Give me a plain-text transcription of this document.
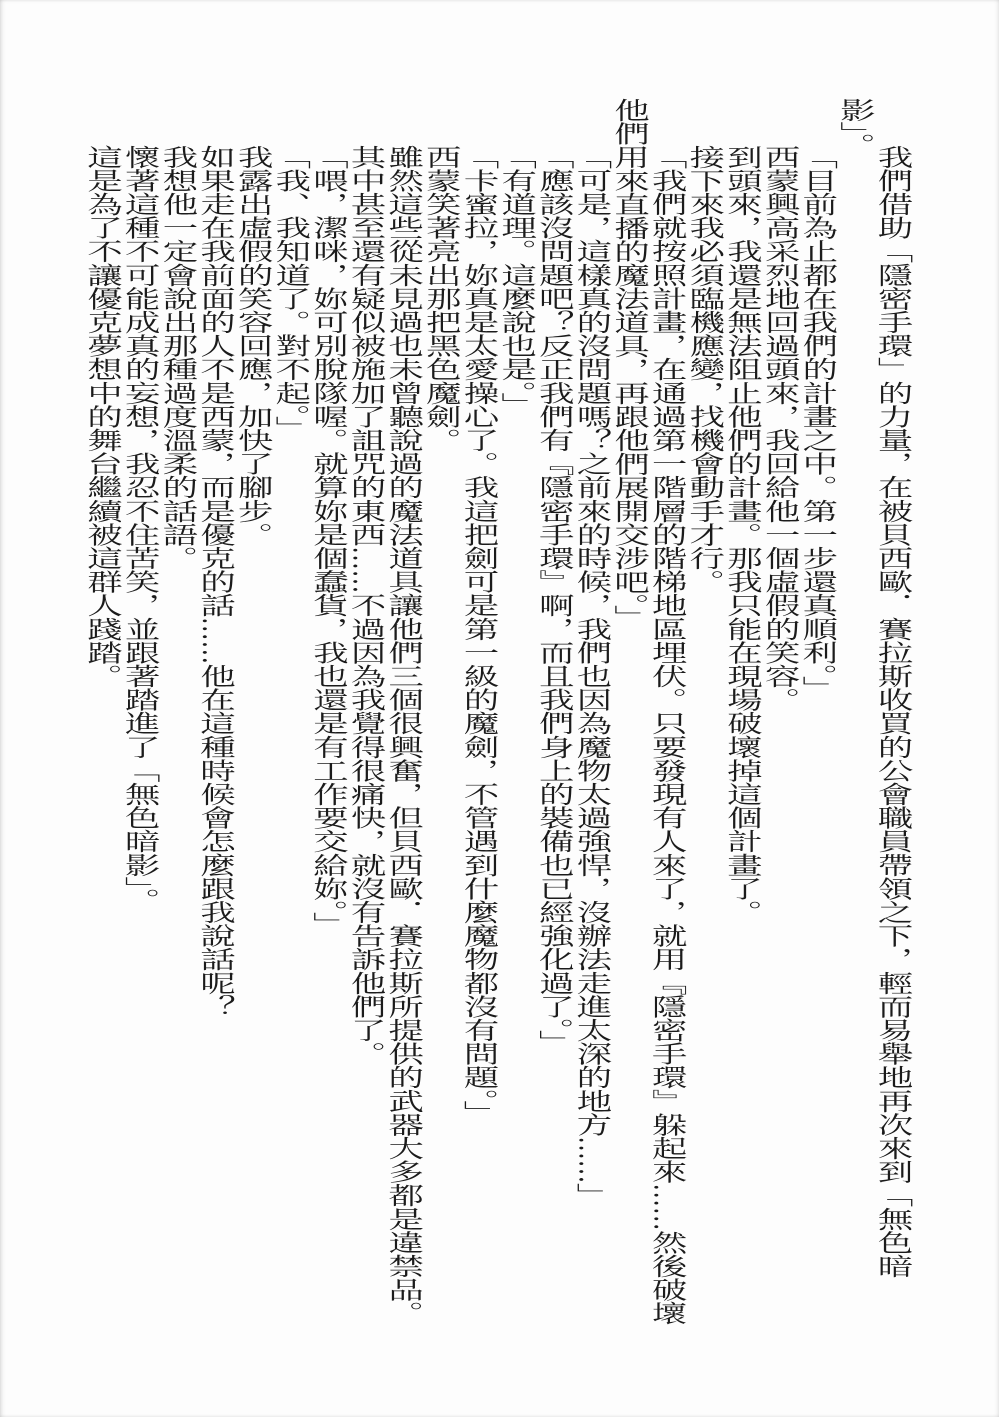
我們借助「隱密手環」的力量，在被貝西歐．賽拉斯收買的公會職員帶領之下，輕而易舉地再次來到「無色暗影」。

「目前為止都在我們的計畫之中。第一步還真順利。」

西蒙興高采烈地回過頭來，我回給他一個虛假的笑容。

到頭來，我還是無法阻止他們的計畫。那我只能在現場破壞掉這個計畫了。

接下來我必須臨機應變，找機會動手才行。

「我們就按照計畫，在通過第一階層的階梯地區埋伏。只要發現有人來了，就用『隱密手環』躲起來……然後破壞他們用來直播的魔法道具，再跟他們展開交涉吧。」

「可是，這樣真的沒問題嗎？之前來的時候，我們也因為魔物太過強悍，沒辦法走進太深的地方……」

「應該沒問題吧？反正我們有『隱密手環』啊，而且我們身上的裝備也已經強化過了。」

「有道理。這麼說也是。」

「卡蜜拉，妳真是太愛操心了。我這把劍可是第一級的魔劍，不管遇到什麼魔物都沒有問題。」

西蒙笑著亮出那把黑色魔劍。

雖然這些從未見過也未曾聽說過的魔法道具讓他們三個很興奮，但貝西歐．賽拉斯所提供的武器大多都是違禁品。

其中甚至還有疑似被施加了詛咒的東西……不過因為我覺得很痛快，就沒有告訴他們了。

「喂，潔咪，妳可別脫隊喔。就算妳是個蠢貨，我也還是有工作要交給妳。」

「我、我知道了。對不起。」

我露出虛假的笑容回應，加快了腳步。

如果走在我前面的人不是西蒙，而是優克的話……他在這種時候會怎麼跟我說話呢？

我想他一定會說出那種過度溫柔的話語。

懷著這種不可能成真的妄想，我忍不住苦笑，並跟著踏進了「無色暗影」。

這是為了不讓優克夢想中的舞台繼續被這群人踐踏。
